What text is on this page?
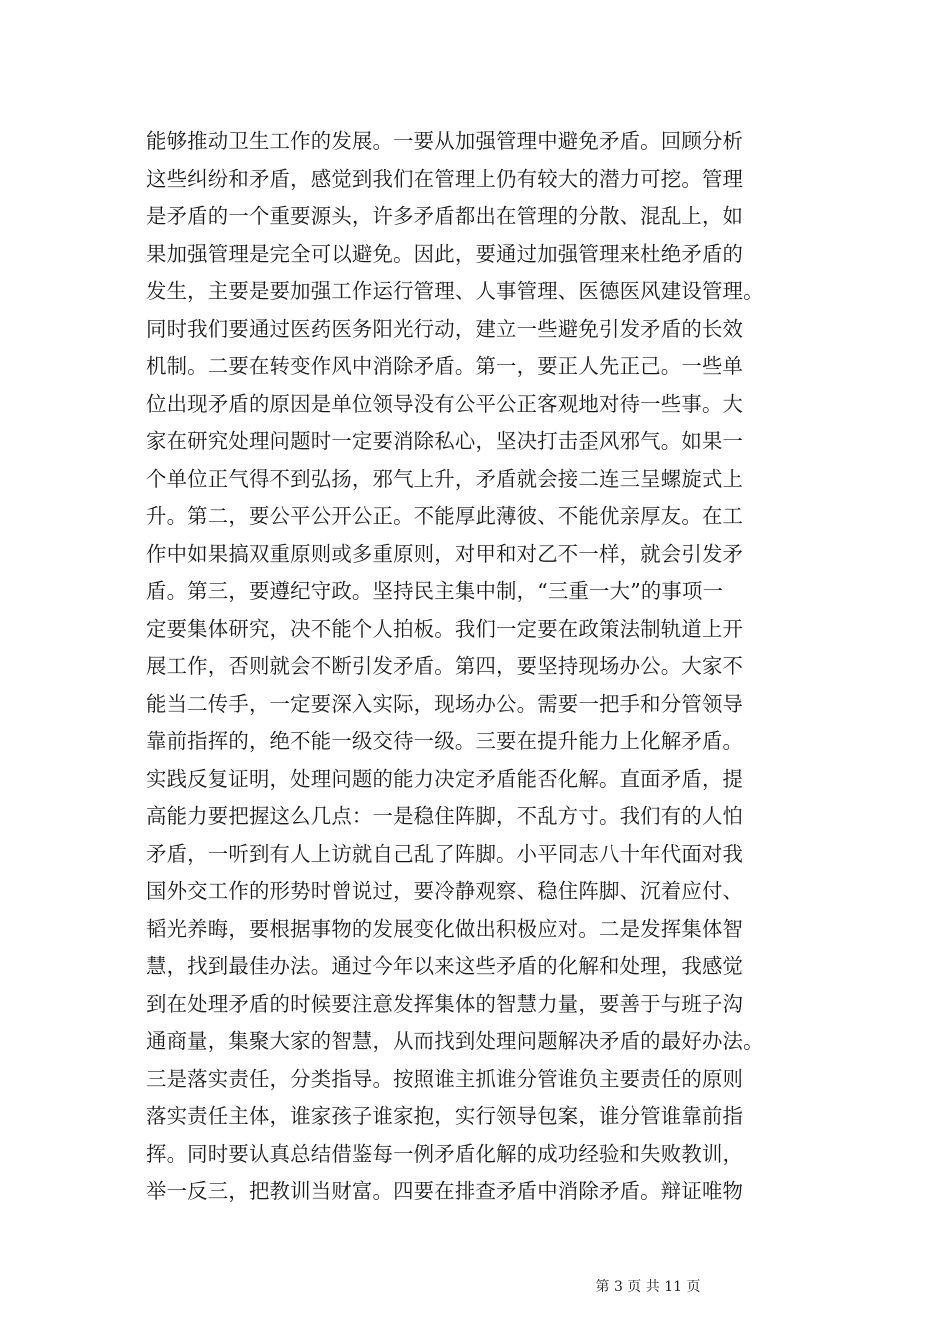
能够推动卫生工作的发展。一要从加强管理中避免矛盾。回顾分析
这些纠纷和矛盾，感觉到我们在管理上仍有较大的潜力可挖。管理
是矛盾的一个重要源头，许多矛盾都出在管理的分散、混乱上，如
果加强管理是完全可以避免。因此，要通过加强管理来杜绝矛盾的
发生，主要是要加强工作运行管理、人事管理、医德医风建设管理。
同时我们要通过医药医务阳光行动，建立一些避免引发矛盾的长效
机制。二要在转变作风中消除矛盾。第一，要正人先正己。一些单
位出现矛盾的原因是单位领导没有公平公正客观地对待一些事。大
家在研究处理问题时一定要消除私心，坚决打击歪风邪气。如果一
个单位正气得不到弘扬，邪气上升，矛盾就会接二连三呈螺旋式上
升。第二，要公平公开公正。不能厚此薄彼、不能优亲厚友。在工
作中如果搞双重原则或多重原则，对甲和对乙不一样，就会引发矛
盾。第三，要遵纪守政。坚持民主集中制，“三重一大”的事项一
定要集体研究，决不能个人拍板。我们一定要在政策法制轨道上开
展工作，否则就会不断引发矛盾。第四，要坚持现场办公。大家不
能当二传手，一定要深入实际，现场办公。需要一把手和分管领导
靠前指挥的，绝不能一级交待一级。三要在提升能力上化解矛盾。
实践反复证明，处理问题的能力决定矛盾能否化解。直面矛盾，提
高能力要把握这么几点：一是稳住阵脚，不乱方寸。我们有的人怕
矛盾，一听到有人上访就自己乱了阵脚。小平同志八十年代面对我
国外交工作的形势时曾说过，要冷静观察、稳住阵脚、沉着应付、
韬光养晦，要根据事物的发展变化做出积极应对。二是发挥集体智
慧，找到最佳办法。通过今年以来这些矛盾的化解和处理，我感觉
到在处理矛盾的时候要注意发挥集体的智慧力量，要善于与班子沟
通商量，集聚大家的智慧，从而找到处理问题解决矛盾的最好办法。
三是落实责任，分类指导。按照谁主抓谁分管谁负主要责任的原则
落实责任主体，谁家孩子谁家抱，实行领导包案，谁分管谁靠前指
挥。同时要认真总结借鉴每一例矛盾化解的成功经验和失败教训，
举一反三，把教训当财富。四要在排查矛盾中消除矛盾。辩证唯物
第 3 页 共 11 页
